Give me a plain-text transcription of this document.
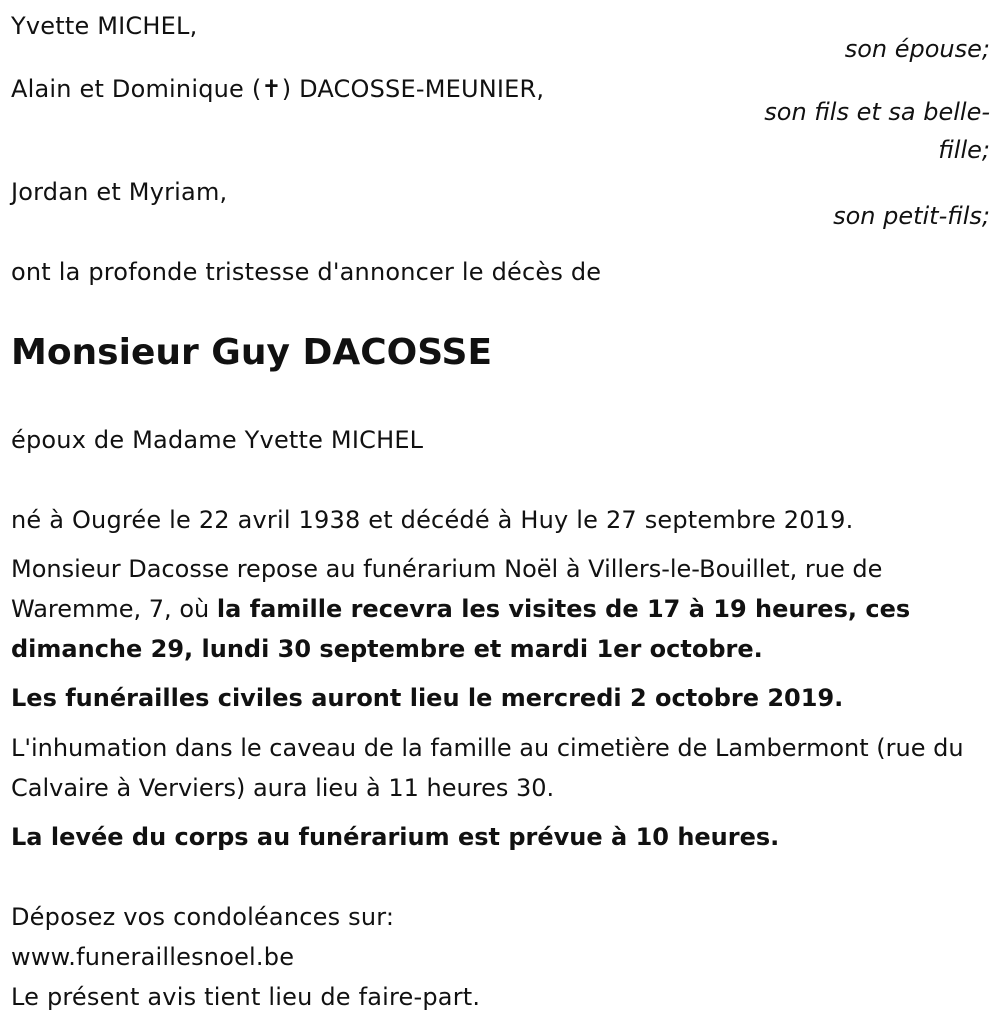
Yvette MICHEL,
son épouse;
Alain et Dominique (✝) DACOSSE-MEUNIER,
son fils et sa belle-fille;
Jordan et Myriam,
son petit-fils;
ont la profonde tristesse d'annoncer le décès de
Monsieur Guy DACOSSE
époux de Madame Yvette MICHEL
né à Ougrée le 22 avril 1938 et décédé à Huy le 27 septembre 2019.
Monsieur Dacosse repose au funérarium Noël à Villers-le-Bouillet, rue de Waremme, 7, où la famille recevra les visites de 17 à 19 heures, ces dimanche 29, lundi 30 septembre et mardi 1er octobre.
Les funérailles civiles auront lieu le mercredi 2 octobre 2019.
L'inhumation dans le caveau de la famille au cimetière de Lambermont (rue du Calvaire à Verviers) aura lieu à 11 heures 30.
La levée du corps au funérarium est prévue à 10 heures.
Déposez vos condoléances sur:
www.funeraillesnoel.be
Le présent avis tient lieu de faire-part.
